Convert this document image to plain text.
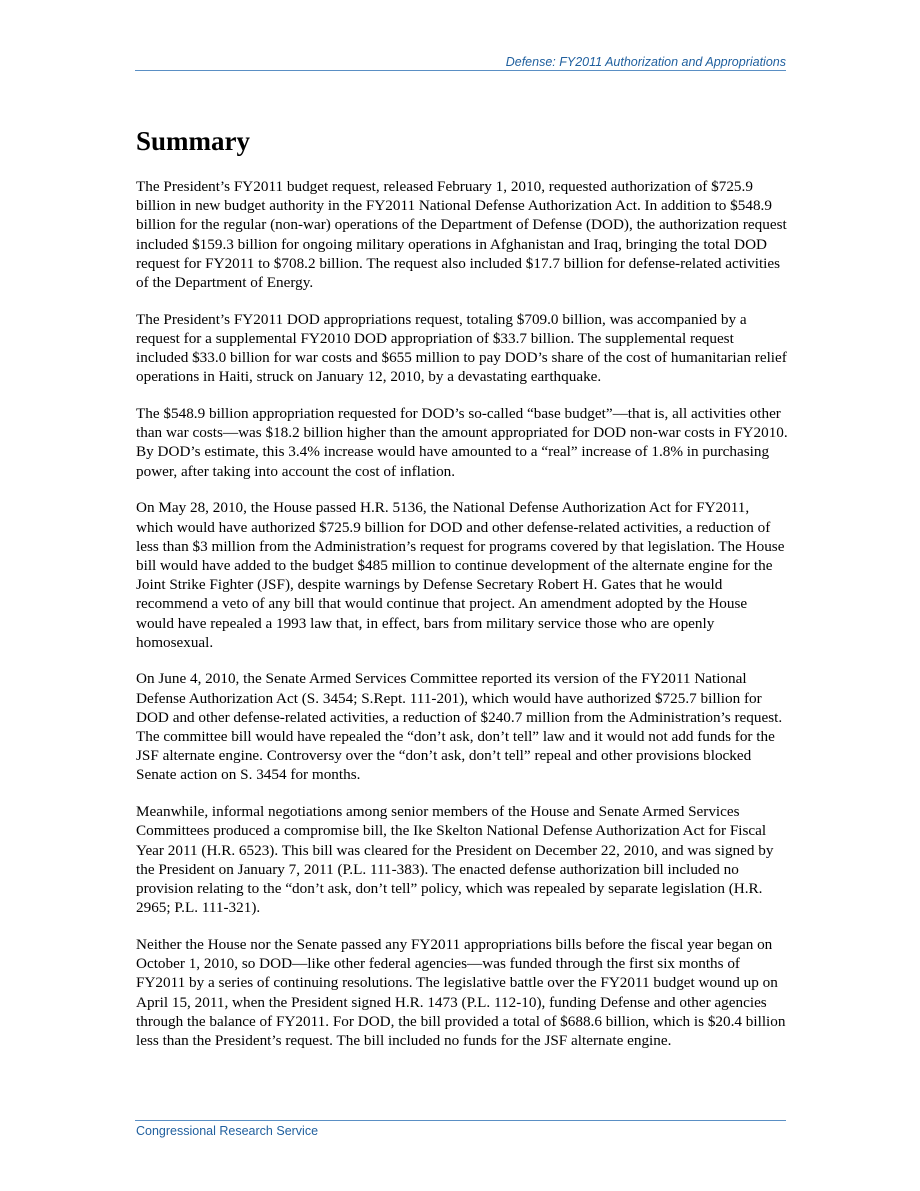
Defense: FY2011 Authorization and Appropriations
Summary

The President’s FY2011 budget request, released February 1, 2010, requested authorization of $725.9 billion in new budget authority in the FY2011 National Defense Authorization Act. In addition to $548.9 billion for the regular (non-war) operations of the Department of Defense (DOD), the authorization request included $159.3 billion for ongoing military operations in Afghanistan and Iraq, bringing the total DOD request for FY2011 to $708.2 billion. The request also included $17.7 billion for defense-related activities of the Department of Energy.

The President’s FY2011 DOD appropriations request, totaling $709.0 billion, was accompanied by a request for a supplemental FY2010 DOD appropriation of $33.7 billion. The supplemental request included $33.0 billion for war costs and $655 million to pay DOD’s share of the cost of humanitarian relief operations in Haiti, struck on January 12, 2010, by a devastating earthquake.

The $548.9 billion appropriation requested for DOD’s so-called “base budget”—that is, all activities other than war costs—was $18.2 billion higher than the amount appropriated for DOD non-war costs in FY2010. By DOD’s estimate, this 3.4% increase would have amounted to a “real” increase of 1.8% in purchasing power, after taking into account the cost of inflation.

On May 28, 2010, the House passed H.R. 5136, the National Defense Authorization Act for FY2011, which would have authorized $725.9 billion for DOD and other defense-related activities, a reduction of less than $3 million from the Administration’s request for programs covered by that legislation. The House bill would have added to the budget $485 million to continue development of the alternate engine for the Joint Strike Fighter (JSF), despite warnings by Defense Secretary Robert H. Gates that he would recommend a veto of any bill that would continue that project. An amendment adopted by the House would have repealed a 1993 law that, in effect, bars from military service those who are openly homosexual.

On June 4, 2010, the Senate Armed Services Committee reported its version of the FY2011 National Defense Authorization Act (S. 3454; S.Rept. 111-201), which would have authorized $725.7 billion for DOD and other defense-related activities, a reduction of $240.7 million from the Administration’s request. The committee bill would have repealed the “don’t ask, don’t tell” law and it would not add funds for the JSF alternate engine. Controversy over the “don’t ask, don’t tell” repeal and other provisions blocked Senate action on S. 3454 for months.

Meanwhile, informal negotiations among senior members of the House and Senate Armed Services Committees produced a compromise bill, the Ike Skelton National Defense Authorization Act for Fiscal Year 2011 (H.R. 6523). This bill was cleared for the President on December 22, 2010, and was signed by the President on January 7, 2011 (P.L. 111-383). The enacted defense authorization bill included no provision relating to the “don’t ask, don’t tell” policy, which was repealed by separate legislation (H.R. 2965; P.L. 111-321).

Neither the House nor the Senate passed any FY2011 appropriations bills before the fiscal year began on October 1, 2010, so DOD—like other federal agencies—was funded through the first six months of FY2011 by a series of continuing resolutions. The legislative battle over the FY2011 budget wound up on April 15, 2011, when the President signed H.R. 1473 (P.L. 112-10), funding Defense and other agencies through the balance of FY2011. For DOD, the bill provided a total of $688.6 billion, which is $20.4 billion less than the President’s request. The bill included no funds for the JSF alternate engine.

Congressional Research Service
